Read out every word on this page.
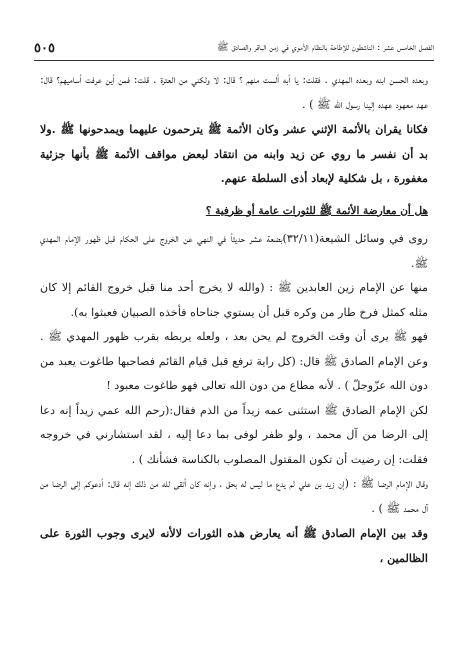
٥٠٥	الفصل الخامس عشر : الناشطون للإطاحة بالنظام الأموي في زمن الباقر والصادق ﷺ

وبعده الحسن ابنه وبعده المهدي . فقلت: يا أبه ألست منهم ؟ قال: لا ولكني من العترة . قلت: فمن أين عرفت أساميهم؟ قال: عهد معهود عهده إلينا رسول الله ﷺ ) .

فكانا يقران بالأئمة الإثني عشر وكان الأئمة ﷺ يترحمون عليهما ويمدحونها ﷺ .ولا بد أن نفسر ما روي عن زيد وابنه من انتقاد لبعض مواقف الأئمة ﷺ بأنها جزئية مغفورة ، بل شكلية لإبعاد أذى السلطة عنهم.

هل أن معارضة الأئمة ﷺ للثورات عامة أو ظرفية ؟

روى في وسائل الشيعة(٣٢/١١)بضعة عشر حديثاً في النهي عن الخروج على الحكام قبل ظهور الإمام المهدي ﷺ.

منها عن الإمام زين العابدين ﷺ : (والله لا يخرج أحد منا قبل خروج القائم إلا كان مثله كمثل فرخ طار من وكره قبل أن يستوي جناحاه فأخذه الصبيان فعبثوا به).

فهو ﷺ يرى أن وقت الخروج لم يحن بعد ، ولعله يربطه بقرب ظهور المهدي ﷺ . وعن الإمام الصادق ﷺ قال: (كل راية ترفع قبل قيام القائم فصاحبها طاغوت يعبد من دون الله عزّوجلّ ) . لأنه مطاع من دون الله تعالى فهو طاغوت معبود !

لكن الإمام الصادق ﷺ استثنى عمه زيداً من الذم فقال:(رحم الله عمي زيداً إنه دعا إلى الرضا من آل محمد ، ولو ظفر لوفى بما دعا إليه ، لقد استشارني في خروجه فقلت: إن رضيت أن تكون المقتول المصلوب بالكناسة فشأنك ) .

وقال الإمام الرضا ﷺ : (إن زيد بن علي لم يدع ما ليس له بحق ، وإنه كان أتقى لله من ذلك إنه قال: أدعوكم إلى الرضا من آل محمد ﷺ ) .

وقد بين الإمام الصادق ﷺ أنه يعارض هذه الثورات لالأنه لايرى وجوب الثورة على الظالمين ،
